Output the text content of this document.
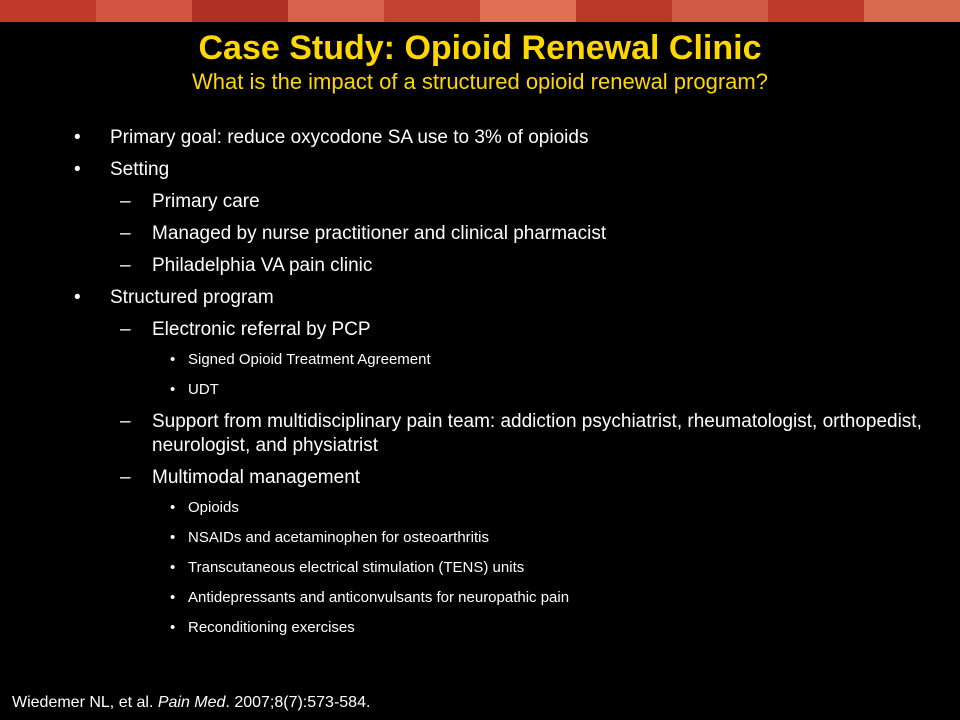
Case Study: Opioid Renewal Clinic
What is the impact of a structured opioid renewal program?
•	Primary goal: reduce oxycodone SA use to 3% of opioids
•	Setting
–	Primary care
–	Managed by nurse practitioner and clinical pharmacist
–	Philadelphia VA pain clinic
•	Structured program
–	Electronic referral by PCP
• Signed Opioid Treatment Agreement
• UDT
–	Support from multidisciplinary pain team: addiction psychiatrist, rheumatologist, orthopedist, neurologist, and physiatrist
–	Multimodal management
• Opioids
• NSAIDs and acetaminophen for osteoarthritis
• Transcutaneous electrical stimulation (TENS) units
• Antidepressants and anticonvulsants for neuropathic pain
• Reconditioning exercises
Wiedemer NL, et al. Pain Med. 2007;8(7):573-584.
